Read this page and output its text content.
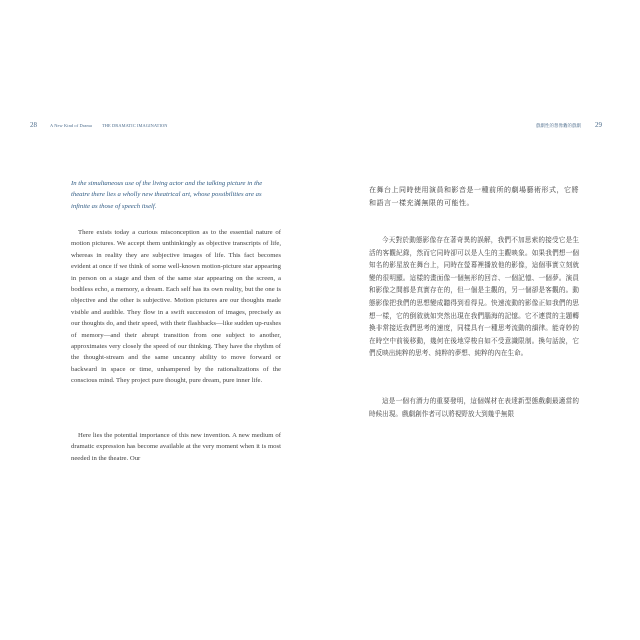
28	A New Kind of Drama THE DRAMATIC IMAGINATION

In the simultaneous use of the living actor and the talking picture in the theatre there lies a wholly new theatrical art, whose possibilities are as infinite as those of speech itself.

There exists today a curious misconception as to the essential nature of motion pictures. We accept them unthinkingly as objective transcripts of life, whereas in reality they are subjective images of life. This fact becomes evident at once if we think of some well-known motion-picture star appearing in person on a stage and then of the same star appearing on the screen, a bodiless echo, a memory, a dream. Each self has its own reality, but the one is objective and the other is subjective. Motion pictures are our thoughts made visible and audible. They flow in a swift succession of images, precisely as our thoughts do, and their speed, with their flashbacks—like sudden up-rushes of memory—and their abrupt transition from one subject to another, approximates very closely the speed of our thinking. They have the rhythm of the thought-stream and the same uncanny ability to move forward or backward in space or time, unhampered by the rationalizations of the conscious mind. They project pure thought, pure dream, pure inner life.

Here lies the potential importance of this new invention. A new medium of dramatic expression has become available at the very moment when it is most needed in the theatre. Our

戲劇性的想像力
新的戲劇 29

在舞台上同時使用演員和影音是一種前所的劇場藝術形式，它將和語言一樣充滿無限的可能性。

今天對於動態影像存在著奇異的誤解，我們不加思索的接受它是生活的客觀紀錄，然而它同時卻可以是人生的主觀映象。如果我們想一個知名的影星放在舞台上，同時在螢幕裡播放他的影像，這個事實立刻就變的很明顯。這樣的畫面像一個無形的回音、一個記憶、一個夢。演員和影像之間都是真實存在的，但一個是主觀的，另一個卻是客觀的。動態影像把我們的思想變成聽得到看得見。快速流動的影像正如我們的思想一樣，它的倒敘就如突然出現在我們腦海的記憶。它不連貫的主題轉換非常接近我們思考的速度，同樣具有一種思考流動的韻律。能奇妙的在時空中前後移動，幾何在後地穿梭自如不受意識限制。換句話說，它們反映出純粹的思考、純粹的夢想、純粹的內在生命。

這是一個有潛力的重要發明，這個媒材在表達新型態戲劇最適當的時候出現。戲劇創作者可以將視野放大到幾乎無限
